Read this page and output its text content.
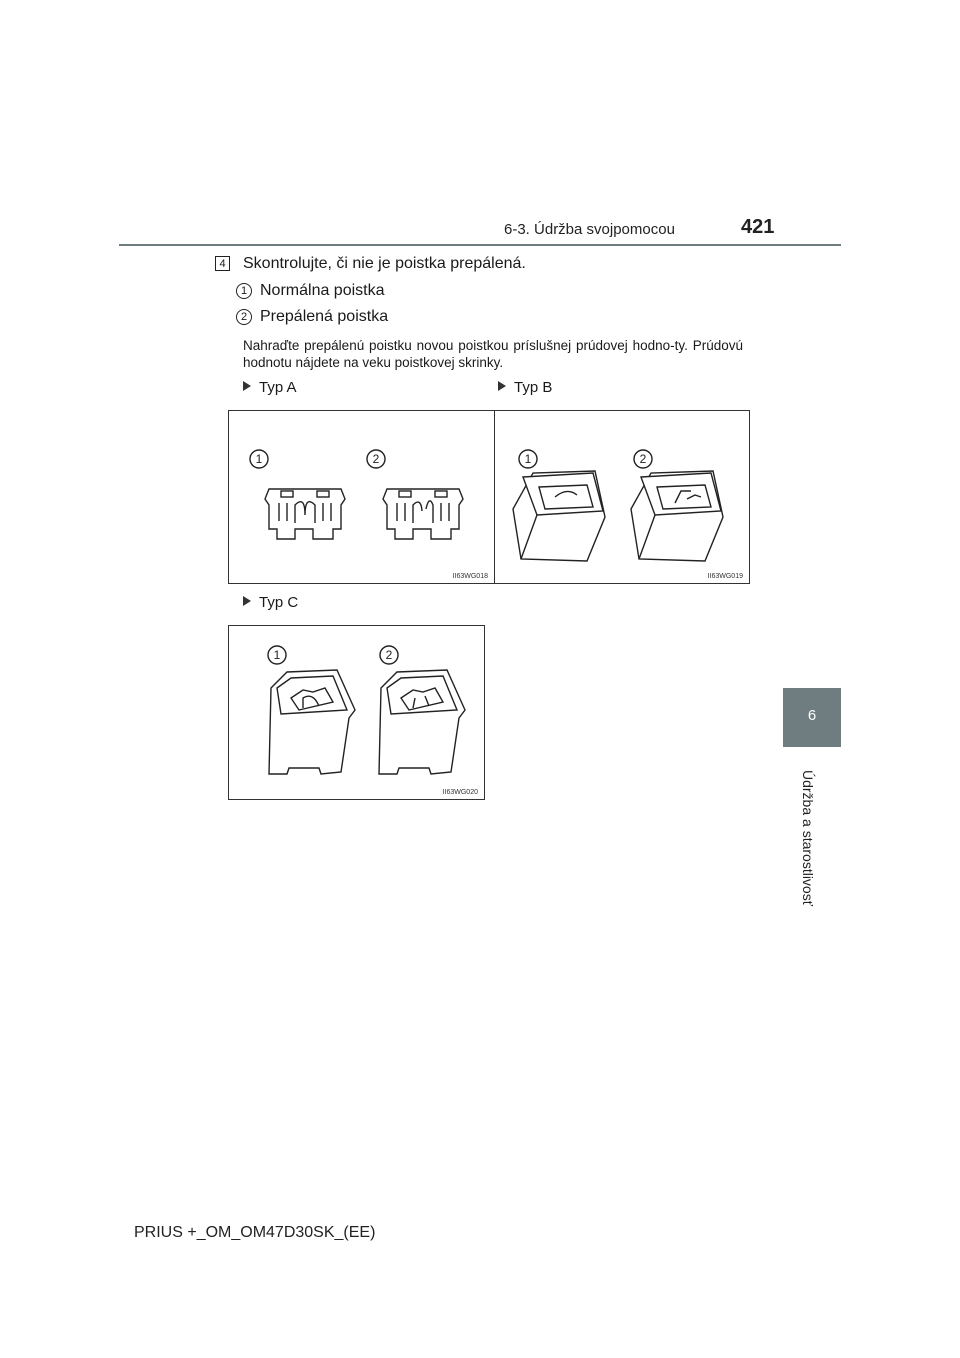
6-3. Údržba svojpomocou	421
6
Údržba a starostlivosť
4 Skontrolujte, či nie je poistka prepálená.
1 Normálna poistka
2 Prepálená poistka
Nahraďte prepálenú poistku novou poistkou príslušnej prúdovej hodno-ty. Prúdovú hodnotu nájdete na veku poistkovej skrinky.
Typ A
1	2
II63WG018
Typ B
1	2
II63WG019
Typ C
1	2
II63WG020
PRIUS +_OM_OM47D30SK_(EE)
